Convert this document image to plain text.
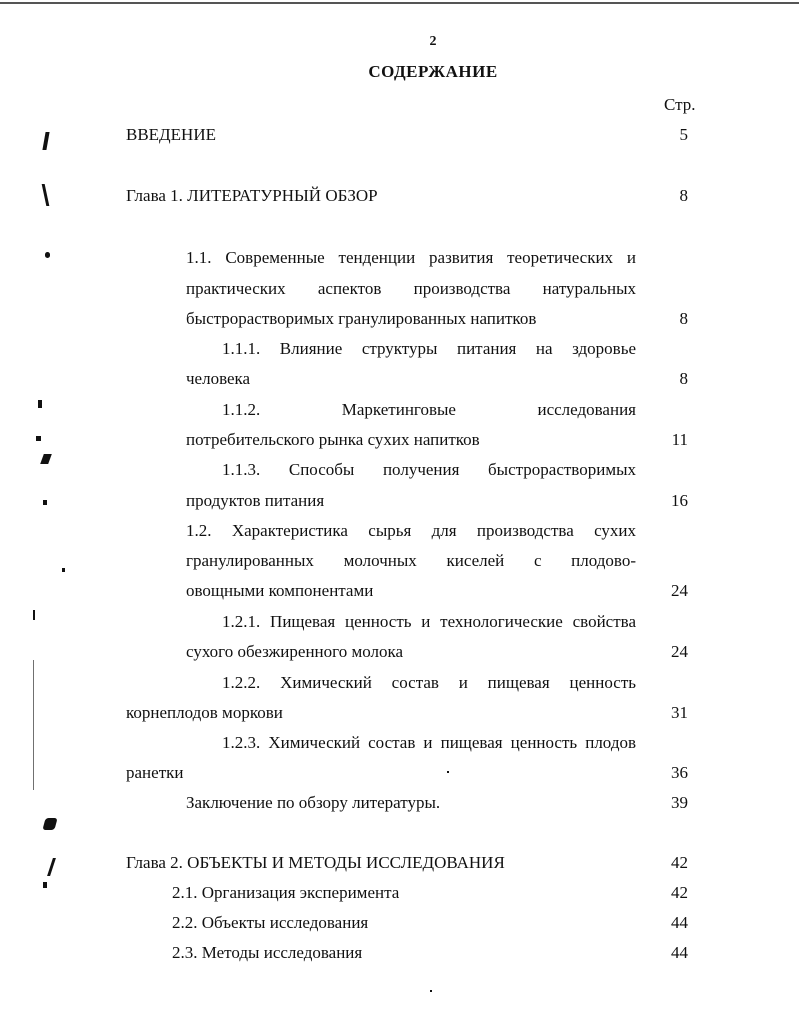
2
СОДЕРЖАНИЕ
Стр.
ВВЕДЕНИЕ	5
Глава 1. ЛИТЕРАТУРНЫЙ ОБЗОР	8
1.1. Современные тенденции развития теоретических и
практических аспектов производства натуральных
быстрорастворимых гранулированных напитков	8
1.1.1. Влияние структуры питания на здоровье
человека	8
1.1.2. Маркетинговые исследования
потребительского рынка сухих напитков	11
1.1.3. Способы получения быстрорастворимых
продуктов питания	16
1.2. Характеристика сырья для производства сухих
гранулированных молочных киселей с плодово-
овощными компонентами	24
1.2.1. Пищевая ценность и технологические свойства
сухого обезжиренного молока	24
1.2.2. Химический состав и пищевая ценность
корнеплодов моркови	31
1.2.3. Химический состав и пищевая ценность плодов
ранетки	36
Заключение по обзору литературы.	39
Глава 2. ОБЪЕКТЫ И МЕТОДЫ ИССЛЕДОВАНИЯ	42
2.1. Организация эксперимента	42
2.2. Объекты исследования	44
2.3. Методы исследования	44
